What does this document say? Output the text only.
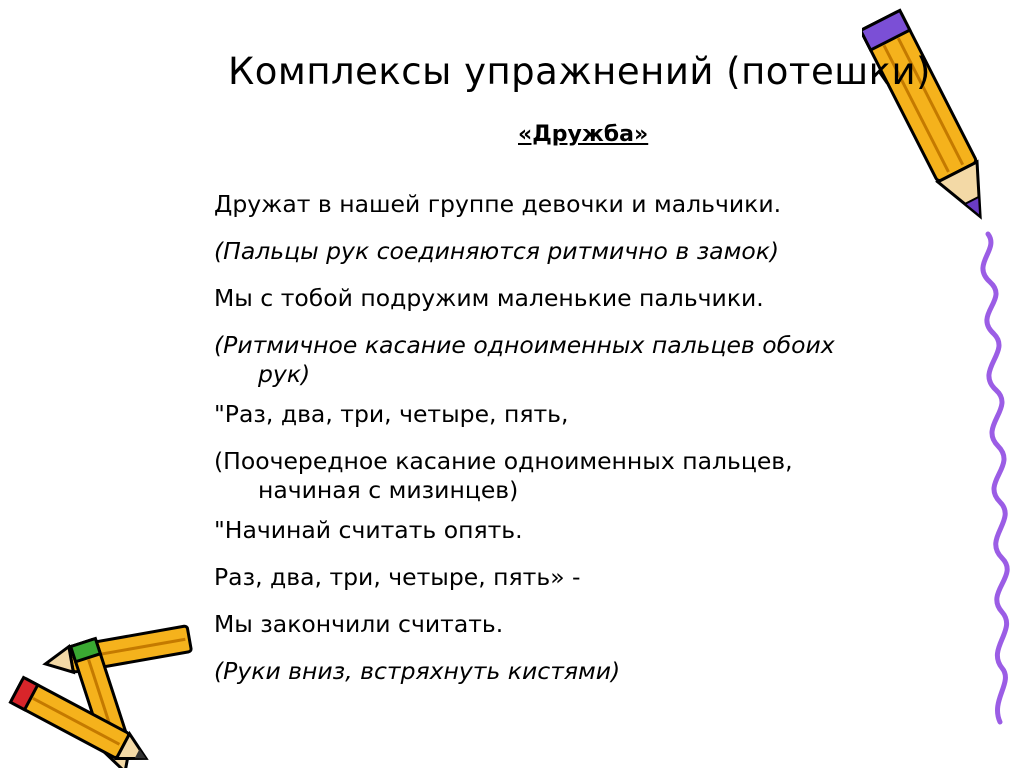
Комплексы упражнений (потешки)
«Дружба»

Дружат в нашей группе девочки и мальчики.

(Пальцы рук соединяются ритмично в замок)

Мы с тобой подружим маленькие пальчики.

(Ритмичное касание одноименных пальцев обоих рук)

"Раз, два, три, четыре, пять,

(Поочередное касание одноименных пальцев, начиная с мизинцев)

"Начинай считать опять.

Раз, два, три, четыре, пять» -

Мы закончили считать.

(Руки вниз, встряхнуть кистями)
